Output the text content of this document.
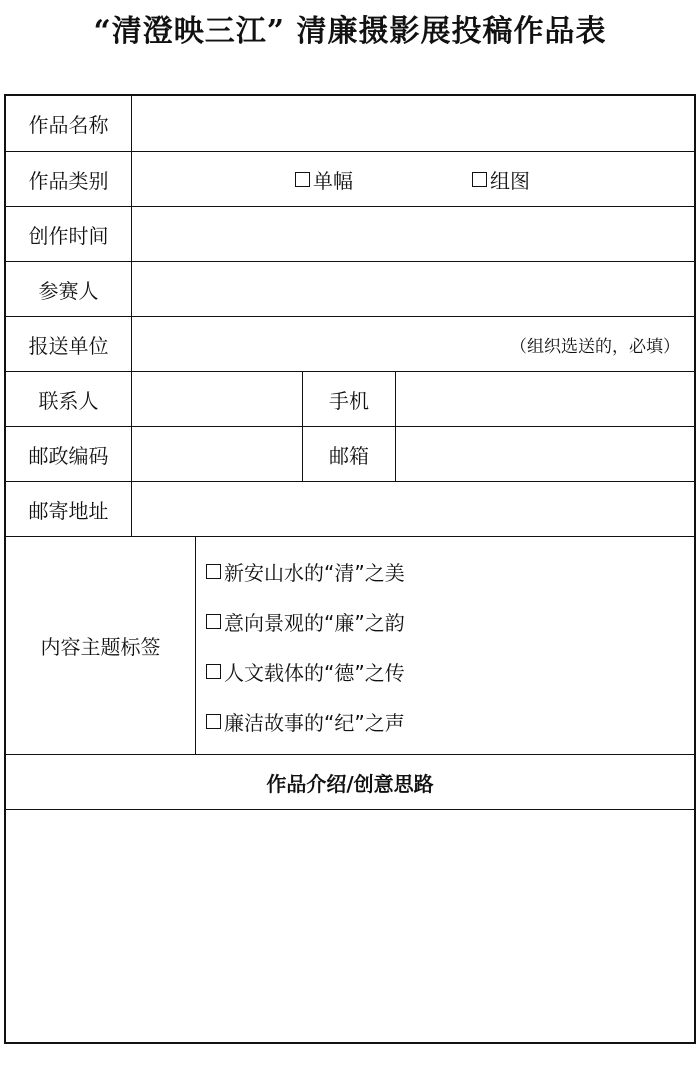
“清澄映三江” 清廉摄影展投稿作品表
作品名称
作品类别	单幅	组图
创作时间
参赛人
报送单位	（组织选送的，必填）
联系人	手机
邮政编码	邮箱
邮寄地址
内容主题标签
新安山水的“清”之美
意向景观的“廉”之韵
人文载体的“德”之传
廉洁故事的“纪”之声
作品介绍/创意思路
